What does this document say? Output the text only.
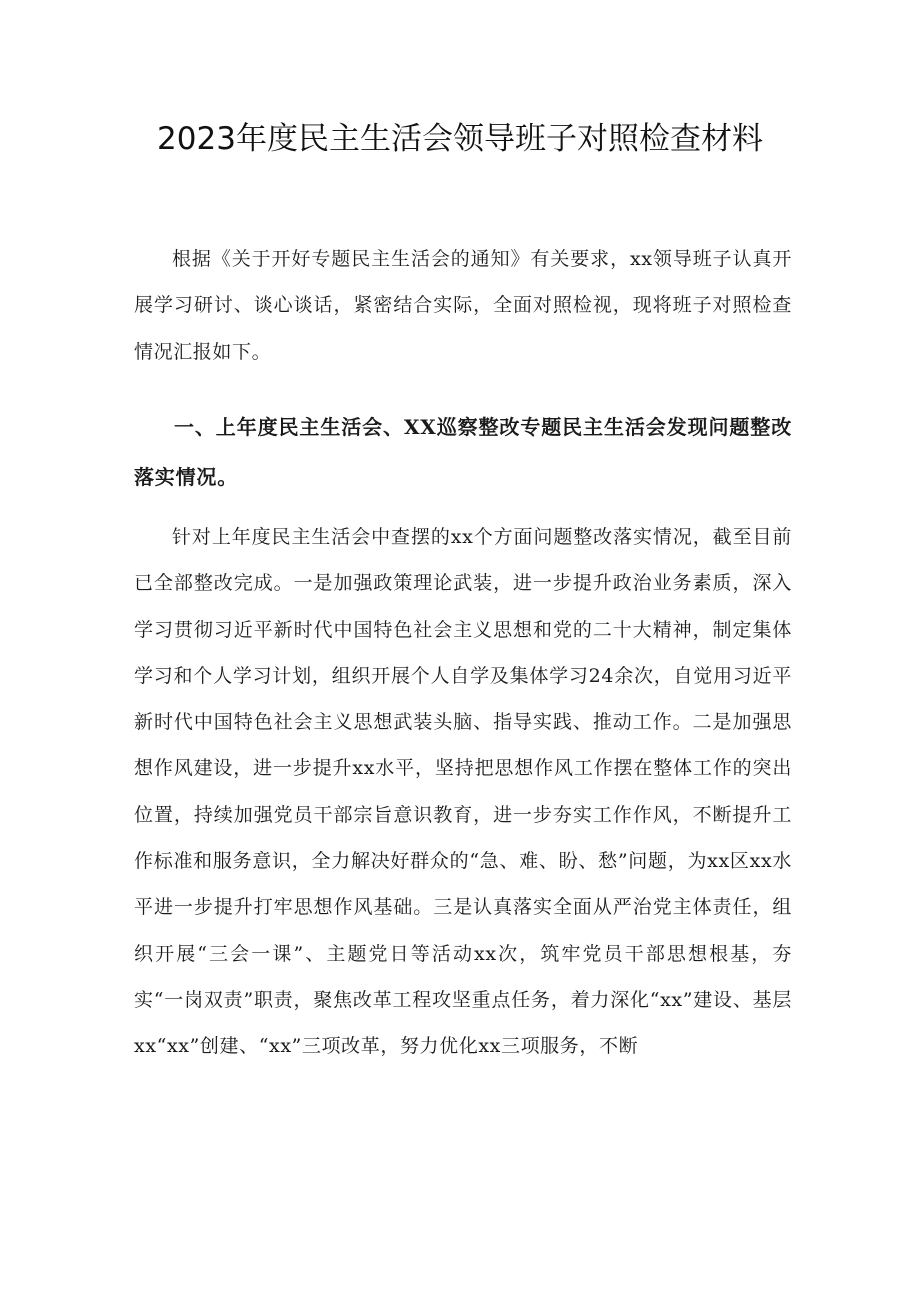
2023年度民主生活会领导班子对照检查材料

根据《关于开好专题民主生活会的通知》有关要求，xx领导班子认真开展学习研讨、谈心谈话，紧密结合实际，全面对照检视，现将班子对照检查情况汇报如下。

一、上年度民主生活会、XX巡察整改专题民主生活会发现问题整改落实情况。

针对上年度民主生活会中查摆的xx个方面问题整改落实情况，截至目前已全部整改完成。一是加强政策理论武装，进一步提升政治业务素质，深入学习贯彻习近平新时代中国特色社会主义思想和党的二十大精神，制定集体学习和个人学习计划，组织开展个人自学及集体学习24余次，自觉用习近平新时代中国特色社会主义思想武装头脑、指导实践、推动工作。二是加强思想作风建设，进一步提升xx水平，坚持把思想作风工作摆在整体工作的突出位置，持续加强党员干部宗旨意识教育，进一步夯实工作作风，不断提升工作标准和服务意识，全力解决好群众的“急、难、盼、愁”问题，为xx区xx水平进一步提升打牢思想作风基础。三是认真落实全面从严治党主体责任，组织开展“三会一课”、主题党日等活动xx次，筑牢党员干部思想根基，夯实“一岗双责”职责，聚焦改革工程攻坚重点任务，着力深化“xx”建设、基层xx“xx”创建、“xx”三项改革，努力优化xx三项服务，不断
